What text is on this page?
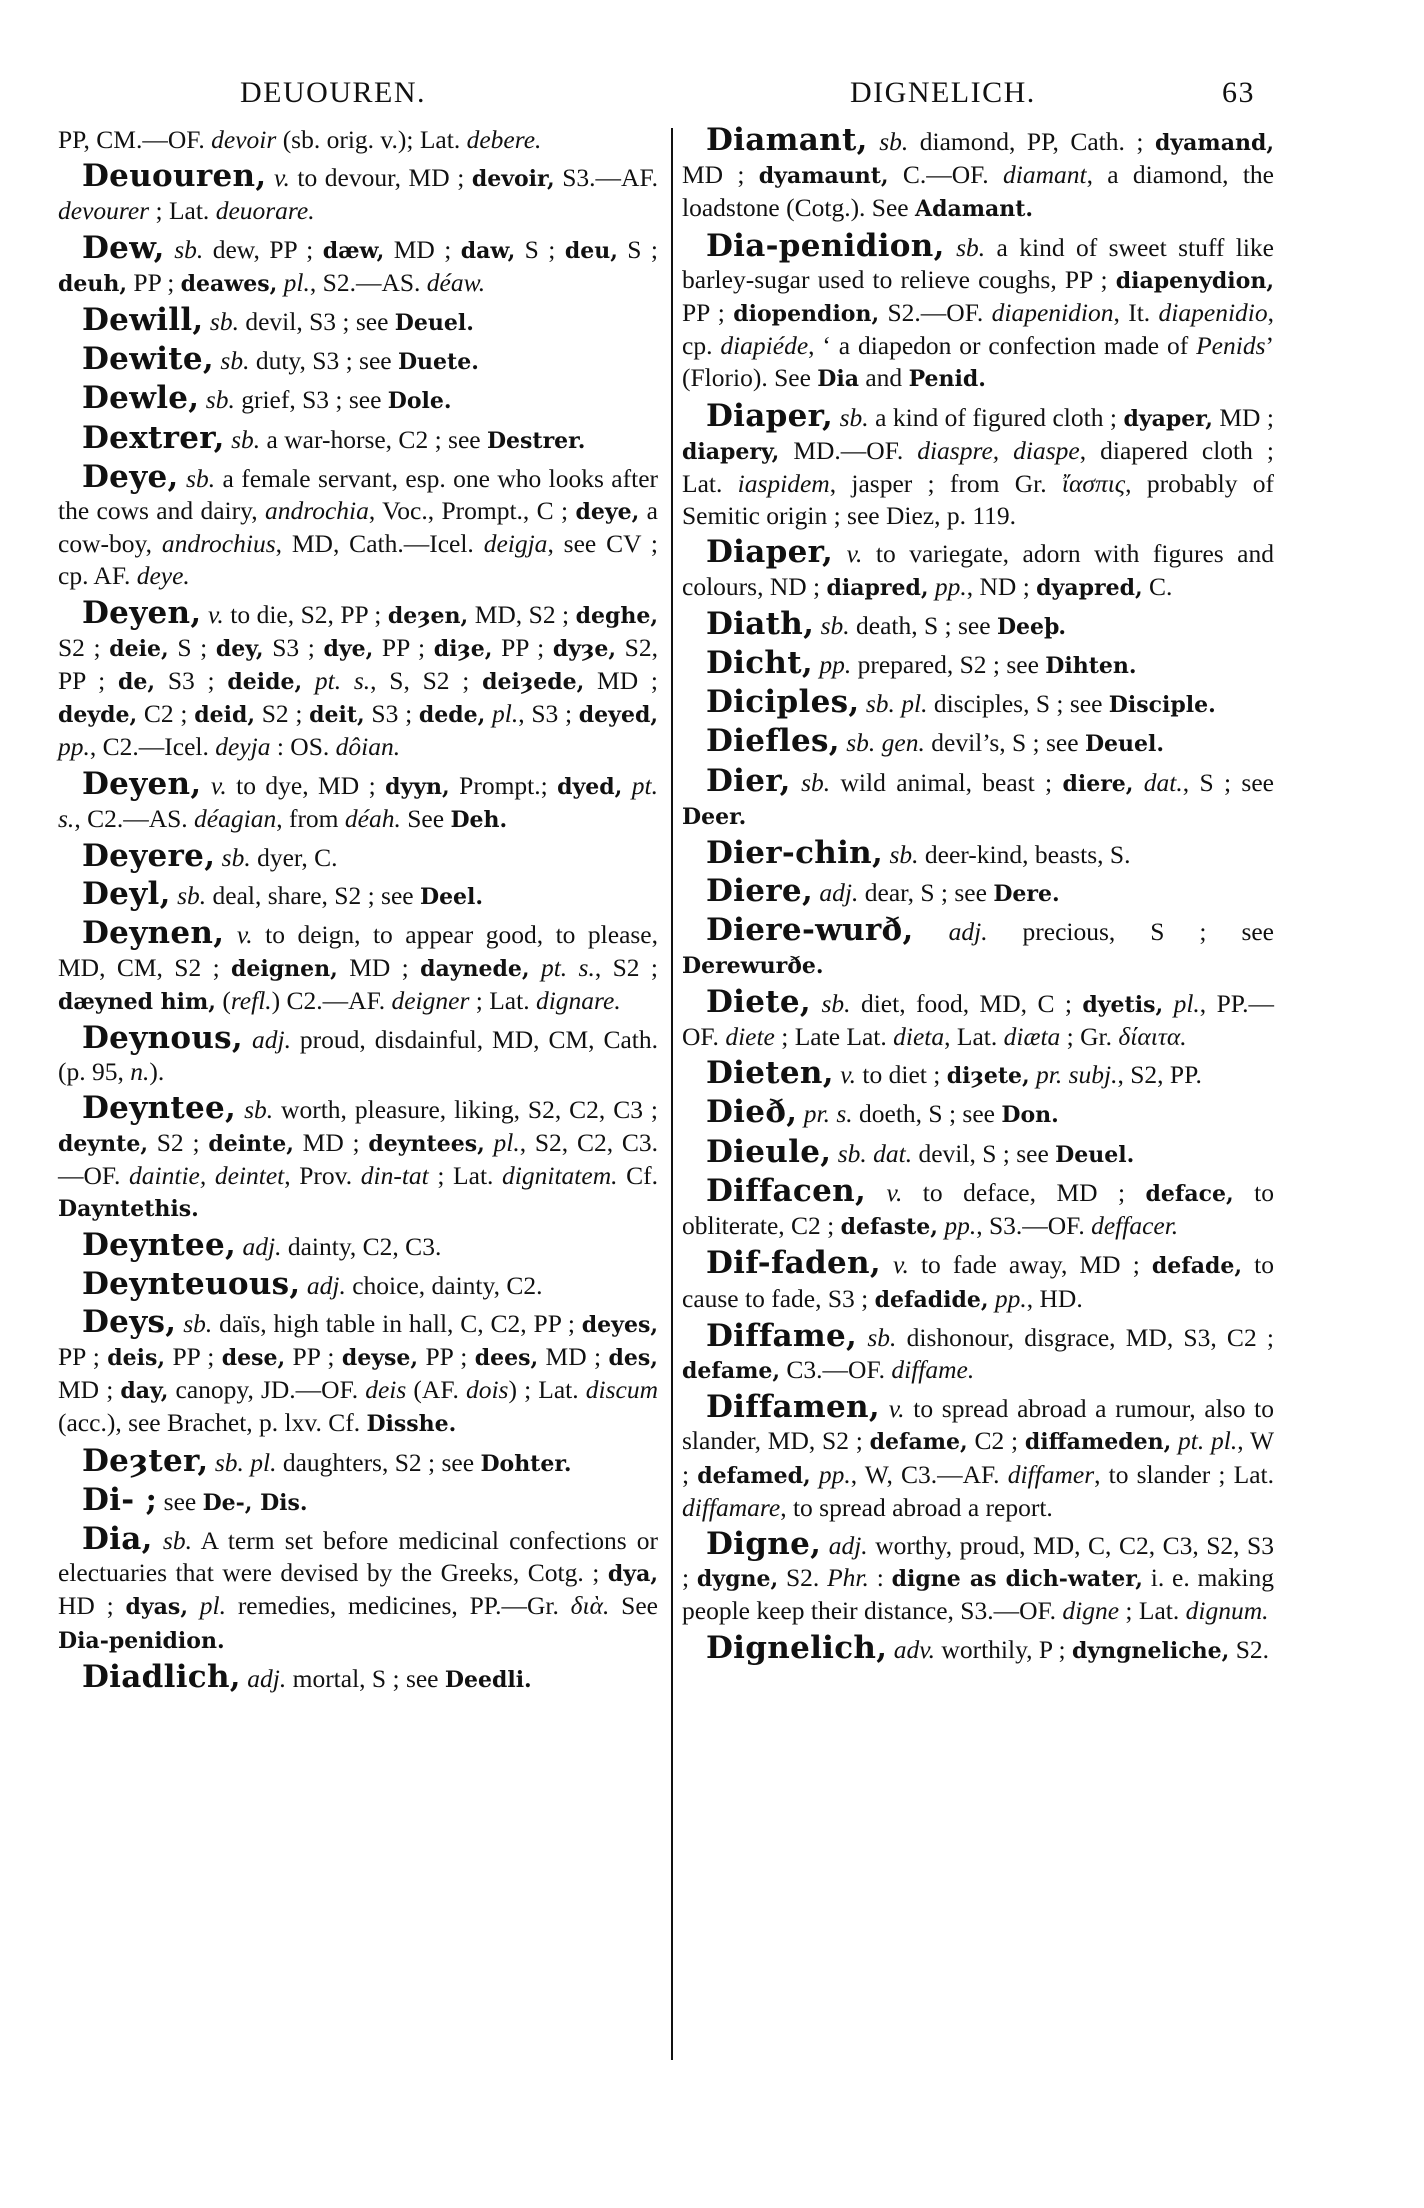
DEUOUREN.	DIGNELICH.	63

PP, CM.—OF. devoir (sb. orig. v.); Lat. debere.

Deuouren, v. to devour, MD ; devoir, S3.—AF. devourer ; Lat. deuorare.

Dew, sb. dew, PP ; dæw, MD ; daw, S ; deu, S ; deuh, PP ; deawes, pl., S2.—AS. déaw.

Dewill, sb. devil, S3 ; see Deuel.

Dewite, sb. duty, S3 ; see Duete.

Dewle, sb. grief, S3 ; see Dole.

Dextrer, sb. a war-horse, C2 ; see Destrer.

Deye, sb. a female servant, esp. one who looks after the cows and dairy, androchia, Voc., Prompt., C ; deye, a cow-boy, androchius, MD, Cath.—Icel. deigja, see CV ; cp. AF. deye.

Deyen, v. to die, S2, PP ; deȝen, MD, S2 ; deghe, S2 ; deie, S ; dey, S3 ; dye, PP ; diȝe, PP ; dyȝe, S2, PP ; de, S3 ; deide, pt. s., S, S2 ; deiȝede, MD ; deyde, C2 ; deid, S2 ; deit, S3 ; dede, pl., S3 ; deyed, pp., C2.—Icel. deyja : OS. dôian.

Deyen, v. to dye, MD ; dyyn, Prompt.; dyed, pt. s., C2.—AS. déagian, from déah. See Deh.

Deyere, sb. dyer, C.

Deyl, sb. deal, share, S2 ; see Deel.

Deynen, v. to deign, to appear good, to please, MD, CM, S2 ; deignen, MD ; daynede, pt. s., S2 ; dæyned him, (refl.) C2.—AF. deigner ; Lat. dignare.

Deynous, adj. proud, disdainful, MD, CM, Cath. (p. 95, n.).

Deyntee, sb. worth, pleasure, liking, S2, C2, C3 ; deynte, S2 ; deinte, MD ; deyntees, pl., S2, C2, C3.—OF. daintie, deintet, Prov. din-tat ; Lat. dignitatem. Cf. Dayntethis.

Deyntee, adj. dainty, C2, C3.

Deynteuous, adj. choice, dainty, C2.

Deys, sb. daïs, high table in hall, C, C2, PP ; deyes, PP ; deis, PP ; dese, PP ; deyse, PP ; dees, MD ; des, MD ; day, canopy, JD.—OF. deis (AF. dois) ; Lat. discum (acc.), see Brachet, p. lxv. Cf. Disshe.

Deȝter, sb. pl. daughters, S2 ; see Dohter.

Di- ; see De-, Dis.

Dia, sb. A term set before medicinal confections or electuaries that were devised by the Greeks, Cotg. ; dya, HD ; dyas, pl. remedies, medicines, PP.—Gr. διὰ. See Dia-penidion.

Diadlich, adj. mortal, S ; see Deedli.

Diamant, sb. diamond, PP, Cath. ; dyamand, MD ; dyamaunt, C.—OF. diamant, a diamond, the loadstone (Cotg.). See Adamant.

Dia-penidion, sb. a kind of sweet stuff like barley-sugar used to relieve coughs, PP ; diapenydion, PP ; diopendion, S2.—OF. diapenidion, It. diapenidio, cp. diapiéde, ‘ a diapedon or confection made of Penids’ (Florio). See Dia and Penid.

Diaper, sb. a kind of figured cloth ; dyaper, MD ; diapery, MD.—OF. diaspre, diaspe, diapered cloth ; Lat. iaspidem, jasper ; from Gr. ἴασπις, probably of Semitic origin ; see Diez, p. 119.

Diaper, v. to variegate, adorn with figures and colours, ND ; diapred, pp., ND ; dyapred, C.

Diath, sb. death, S ; see Deeþ.

Dicht, pp. prepared, S2 ; see Dihten.

Diciples, sb. pl. disciples, S ; see Disciple.

Diefles, sb. gen. devil’s, S ; see Deuel.

Dier, sb. wild animal, beast ; diere, dat., S ; see Deer.

Dier-chin, sb. deer-kind, beasts, S.

Diere, adj. dear, S ; see Dere.

Diere-wurð, adj. precious, S ; see Derewurðe.

Diete, sb. diet, food, MD, C ; dyetis, pl., PP.—OF. diete ; Late Lat. dieta, Lat. diæta ; Gr. δίαιτα.

Dieten, v. to diet ; diȝete, pr. subj., S2, PP.

Dieð, pr. s. doeth, S ; see Don.

Dieule, sb. dat. devil, S ; see Deuel.

Diffacen, v. to deface, MD ; deface, to obliterate, C2 ; defaste, pp., S3.—OF. deffacer.

Dif-faden, v. to fade away, MD ; defade, to cause to fade, S3 ; defadide, pp., HD.

Diffame, sb. dishonour, disgrace, MD, S3, C2 ; defame, C3.—OF. diffame.

Diffamen, v. to spread abroad a rumour, also to slander, MD, S2 ; defame, C2 ; diffameden, pt. pl., W ; defamed, pp., W, C3.—AF. diffamer, to slander ; Lat. diffamare, to spread abroad a report.

Digne, adj. worthy, proud, MD, C, C2, C3, S2, S3 ; dygne, S2. Phr. : digne as dich-water, i. e. making people keep their distance, S3.—OF. digne ; Lat. dignum.

Dignelich, adv. worthily, P ; dyngneliche, S2.
